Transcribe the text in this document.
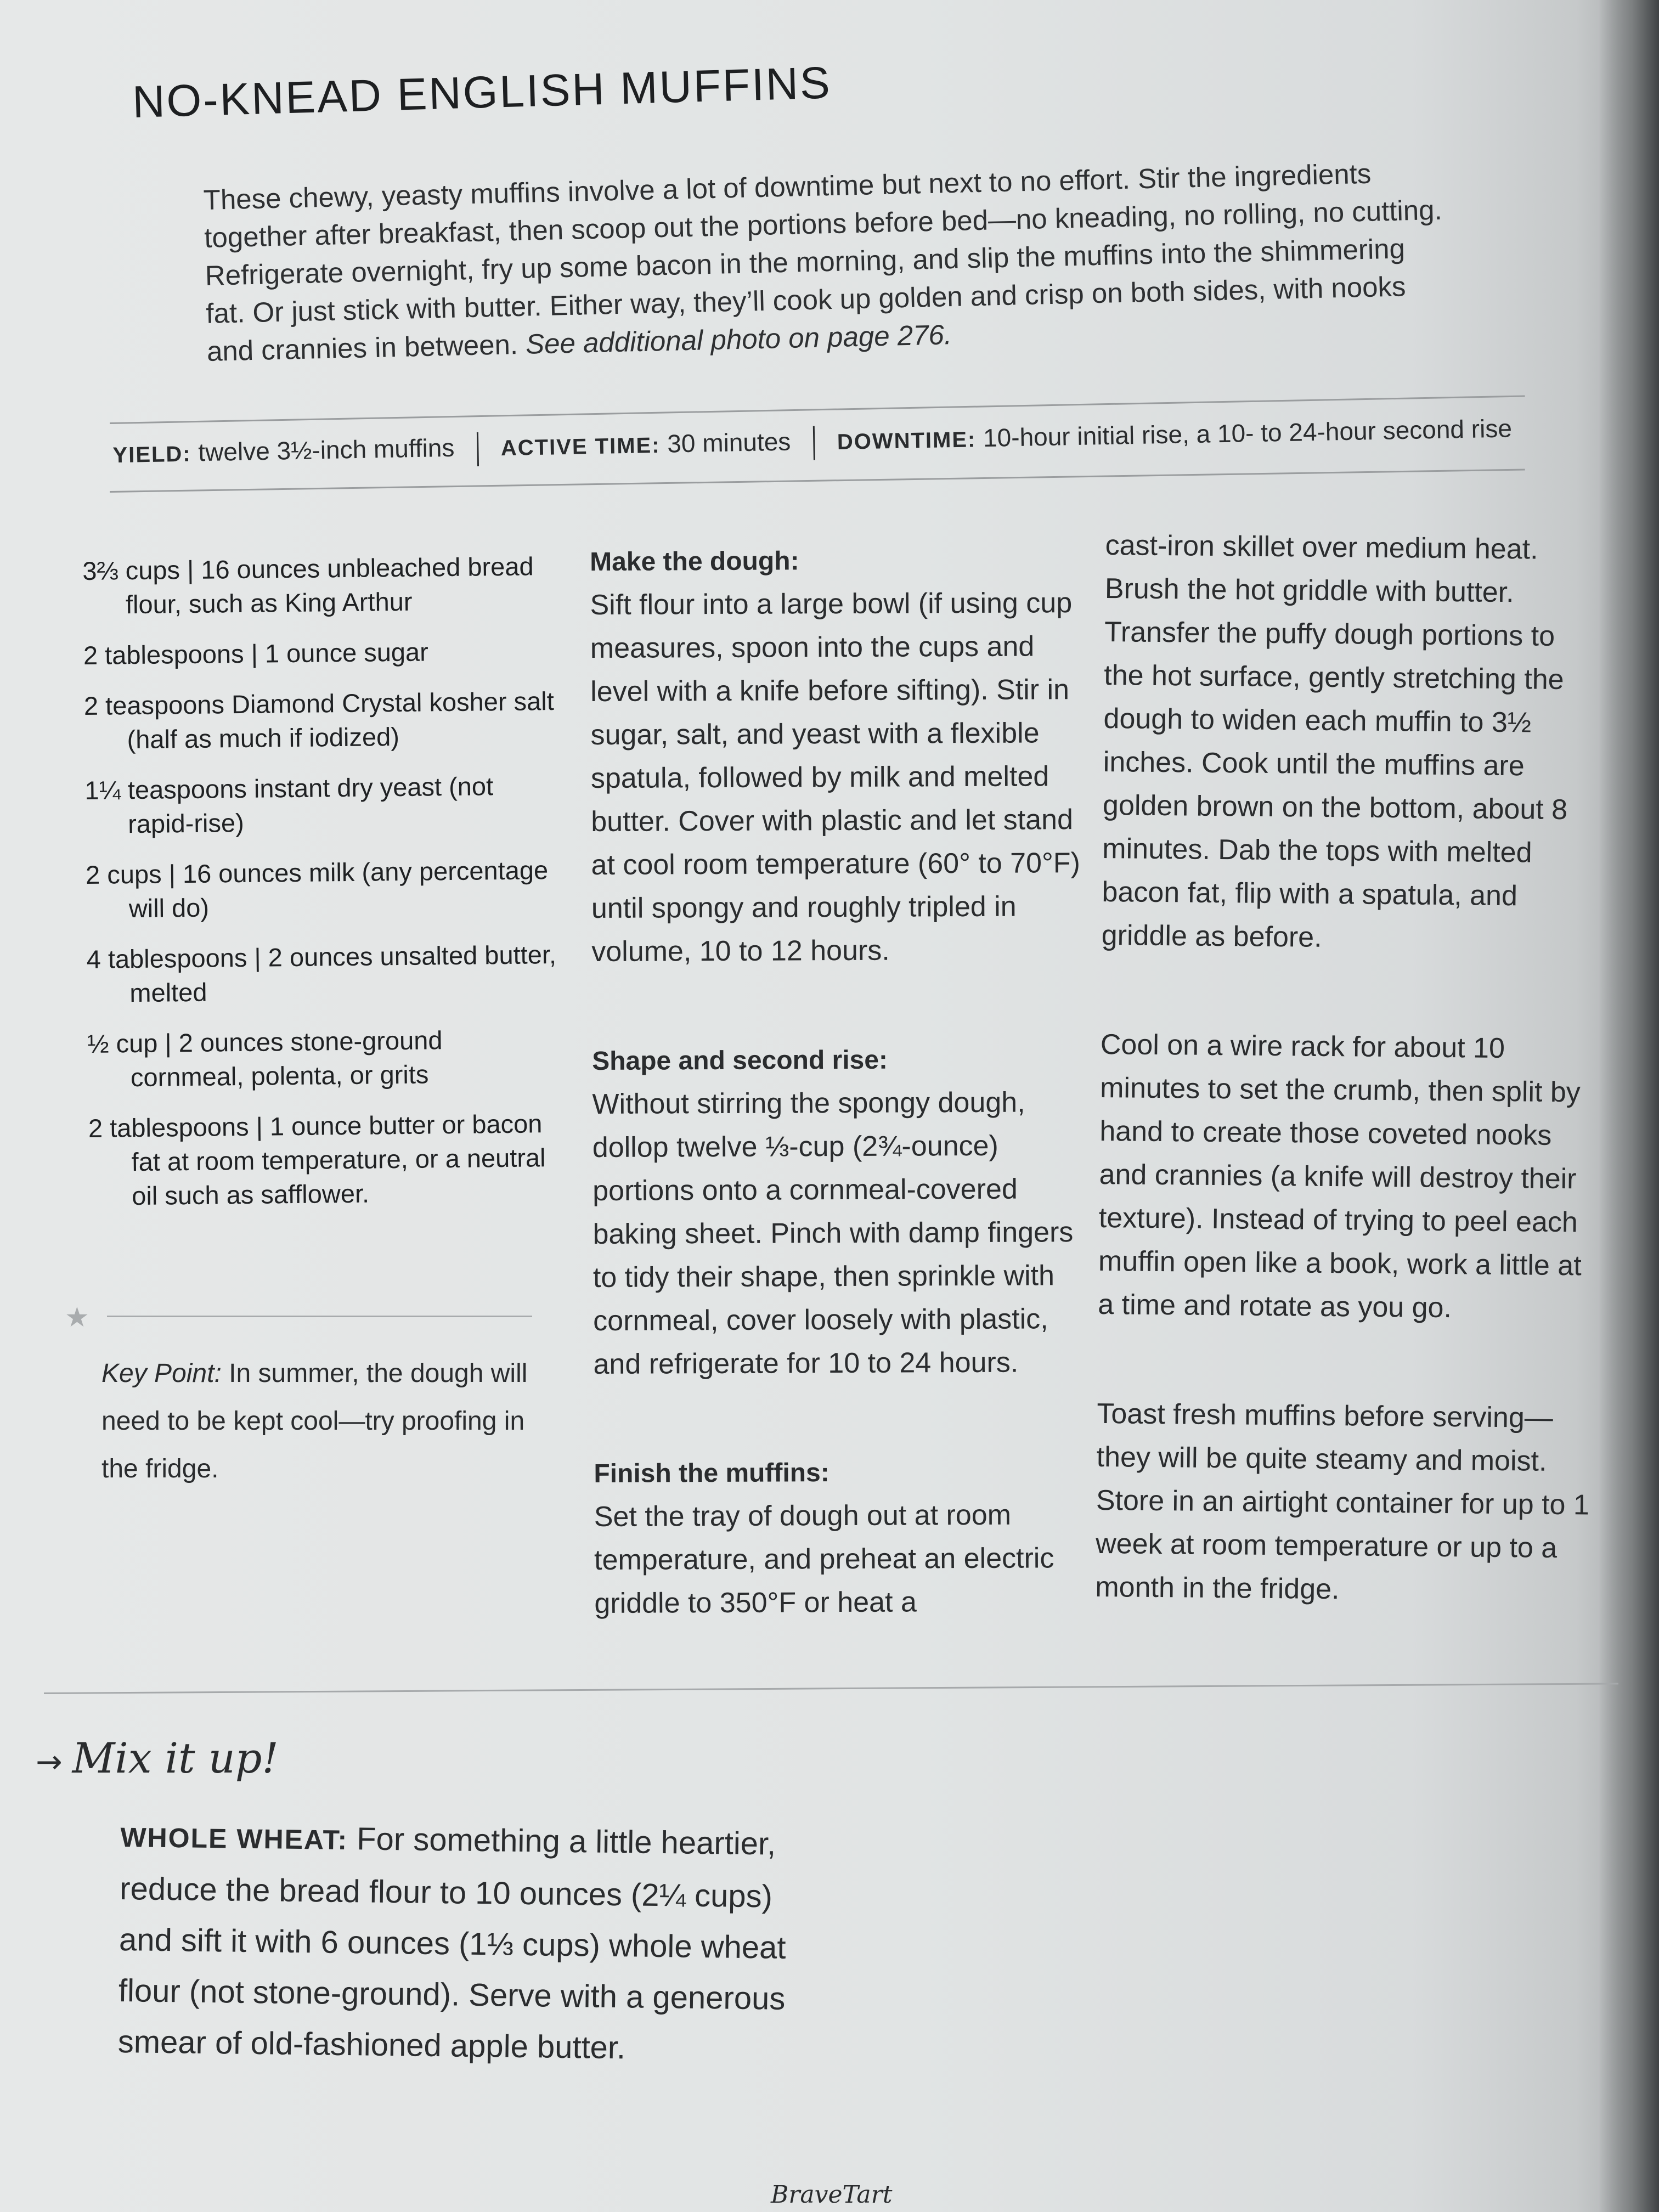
NO-KNEAD ENGLISH MUFFINS
These chewy, yeasty muffins involve a lot of downtime but next to no effort. Stir the ingredients together after breakfast, then scoop out the portions before bed—no kneading, no rolling, no cutting. Refrigerate overnight, fry up some bacon in the morning, and slip the muffins into the shimmering fat. Or just stick with butter. Either way, they’ll cook up golden and crisp on both sides, with nooks and crannies in between. See additional photo on page 276.
YIELD: twelve 3½-inch muffins ACTIVE TIME: 30 minutes DOWNTIME: 10-hour initial rise, a 10- to 24-hour second rise
3⅔ cups | 16 ounces unbleached bread flour, such as King Arthur
2 tablespoons | 1 ounce sugar
2 teaspoons Diamond Crystal kosher salt (half as much if iodized)
1¼ teaspoons instant dry yeast (not rapid-rise)
2 cups | 16 ounces milk (any percentage will do)
4 tablespoons | 2 ounces unsalted butter, melted
½ cup | 2 ounces stone-ground cornmeal, polenta, or grits
2 tablespoons | 1 ounce butter or bacon fat at room temperature, or a neutral oil such as safflower.
★
Key Point: In summer, the dough will need to be kept cool—try proofing in the fridge.

Make the dough:
Sift flour into a large bowl (if using cup measures, spoon into the cups and level with a knife before sifting). Stir in sugar, salt, and yeast with a flexible spatula, followed by milk and melted butter. Cover with plastic and let stand at cool room temperature (60° to 70°F) until spongy and roughly tripled in volume, 10 to 12 hours.

Shape and second rise:
Without stirring the spongy dough, dollop twelve ⅓-cup (2¾-ounce) portions onto a cornmeal-covered baking sheet. Pinch with damp fingers to tidy their shape, then sprinkle with cornmeal, cover loosely with plastic, and refrigerate for 10 to 24 hours.

Finish the muffins:
Set the tray of dough out at room temperature, and preheat an electric griddle to 350°F or heat a

cast-iron skillet over medium heat. Brush the hot griddle with butter. Transfer the puffy dough portions to the hot surface, gently stretching the dough to widen each muffin to 3½ inches. Cook until the muffins are golden brown on the bottom, about 8 minutes. Dab the tops with melted bacon fat, flip with a spatula, and griddle as before.

Cool on a wire rack for about 10 minutes to set the crumb, then split by hand to create those coveted nooks and crannies (a knife will destroy their texture). Instead of trying to peel each muffin open like a book, work a little at a time and rotate as you go.

Toast fresh muffins before serving—they will be quite steamy and moist. Store in an airtight container for up to 1 week at room temperature or up to a month in the fridge.

→ Mix it up!
WHOLE WHEAT: For something a little heartier, reduce the bread flour to 10 ounces (2¼ cups) and sift it with 6 ounces (1⅓ cups) whole wheat flour (not stone-ground). Serve with a generous smear of old-fashioned apple butter.
BraveTart
